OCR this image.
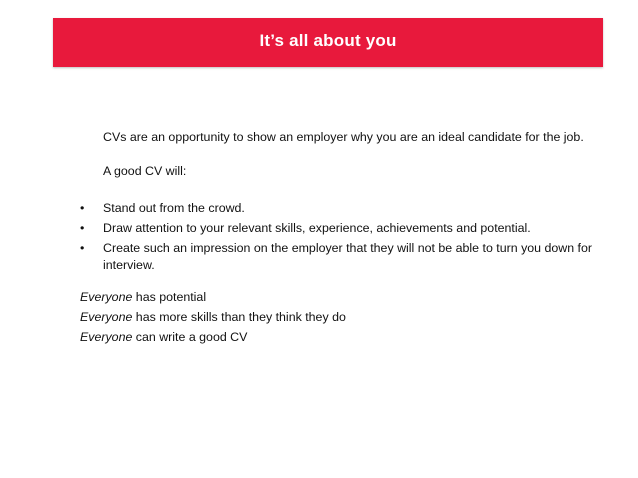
It’s all about you

CVs are an opportunity to show an employer why you are an ideal candidate for the job.

A good CV will:

• Stand out from the crowd.
• Draw attention to your relevant skills, experience, achievements and potential.
• Create such an impression on the employer that they will not be able to turn you down for interview.

Everyone has potential

Everyone has more skills than they think they do

Everyone can write a good CV
